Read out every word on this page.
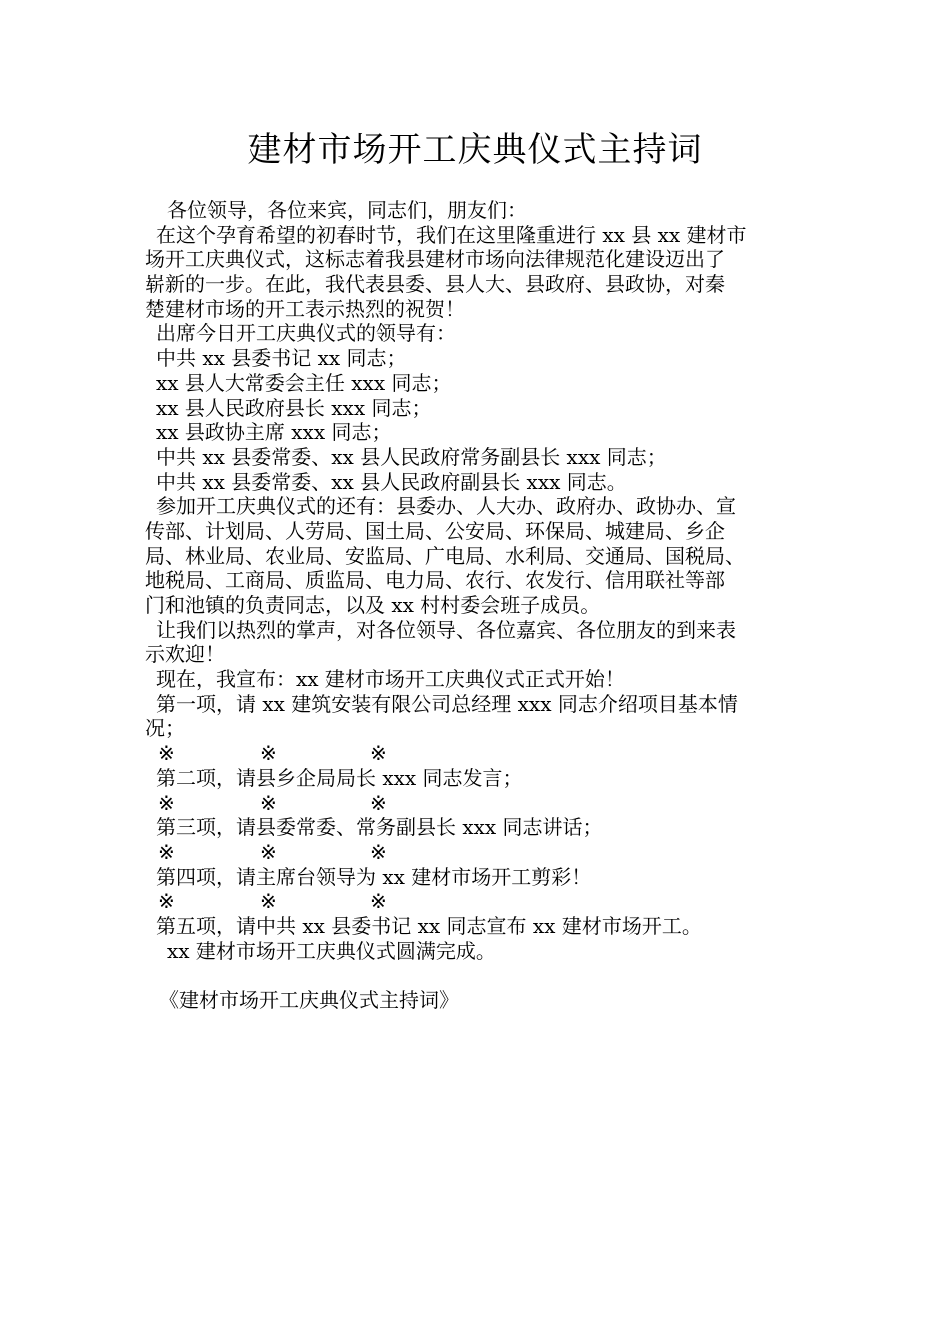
建材市场开工庆典仪式主持词
各位领导，各位来宾，同志们，朋友们：
在这个孕育希望的初春时节，我们在这里隆重进行 xx 县 xx 建材市
场开工庆典仪式，这标志着我县建材市场向法律规范化建设迈出了
崭新的一步。在此，我代表县委、县人大、县政府、县政协，对秦
楚建材市场的开工表示热烈的祝贺！
出席今日开工庆典仪式的领导有：
中共 xx 县委书记 xx 同志；
xx 县人大常委会主任 xxx 同志；
xx 县人民政府县长 xxx 同志；
xx 县政协主席 xxx 同志；
中共 xx 县委常委、xx 县人民政府常务副县长 xxx 同志；
中共 xx 县委常委、xx 县人民政府副县长 xxx 同志。
参加开工庆典仪式的还有：县委办、人大办、政府办、政协办、宣
传部、计划局、人劳局、国土局、公安局、环保局、城建局、乡企
局、林业局、农业局、安监局、广电局、水利局、交通局、国税局、
地税局、工商局、质监局、电力局、农行、农发行、信用联社等部
门和池镇的负责同志，以及 xx 村村委会班子成员。
让我们以热烈的掌声，对各位领导、各位嘉宾、各位朋友的到来表
示欢迎！
现在，我宣布：xx 建材市场开工庆典仪式正式开始！
第一项，请 xx 建筑安装有限公司总经理 xxx 同志介绍项目基本情
况；
※	※	※
第二项，请县乡企局局长 xxx 同志发言；
※	※	※
第三项，请县委常委、常务副县长 xxx 同志讲话；
※	※	※
第四项，请主席台领导为 xx 建材市场开工剪彩！
※	※	※
第五项，请中共 xx 县委书记 xx 同志宣布 xx 建材市场开工。
xx 建材市场开工庆典仪式圆满完成。
《建材市场开工庆典仪式主持词》
